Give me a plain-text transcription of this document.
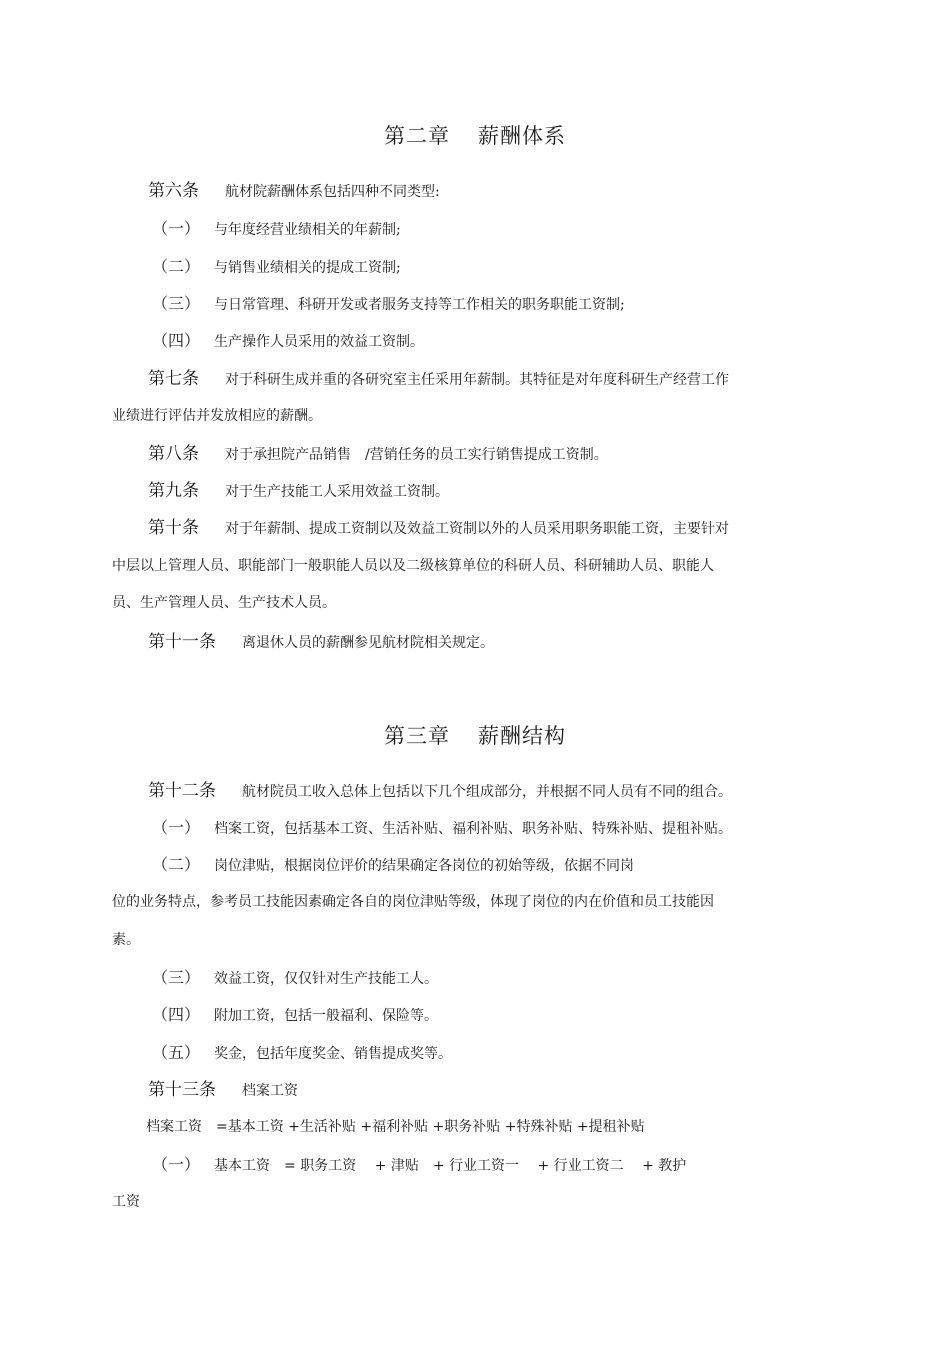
第二章 薪酬体系
第六条 航材院薪酬体系包括四种不同类型:
（一） 与年度经营业绩相关的年薪制;
（二） 与销售业绩相关的提成工资制;
（三） 与日常管理、科研开发或者服务支持等工作相关的职务职能工资制;
（四） 生产操作人员采用的效益工资制。
第七条 对于科研生成并重的各研究室主任采用年薪制。其特征是对年度科研生产经营工作
业绩进行评估并发放相应的薪酬。
第八条 对于承担院产品销售　/营销任务的员工实行销售提成工资制。
第九条 对于生产技能工人采用效益工资制。
第十条 对于年薪制、提成工资制以及效益工资制以外的人员采用职务职能工资，主要针对
中层以上管理人员、职能部门一般职能人员以及二级核算单位的科研人员、科研辅助人员、职能人
员、生产管理人员、生产技术人员。
第十一条 离退休人员的薪酬参见航材院相关规定。
第三章 薪酬结构
第十二条 航材院员工收入总体上包括以下几个组成部分，并根据不同人员有不同的组合。
（一） 档案工资，包括基本工资、生活补贴、福利补贴、职务补贴、特殊补贴、提租补贴。
（二） 岗位津贴，根据岗位评价的结果确定各岗位的初始等级，依据不同岗
位的业务特点，参考员工技能因素确定各自的岗位津贴等级，体现了岗位的内在价值和员工技能因
素。
（三） 效益工资，仅仅针对生产技能工人。
（四） 附加工资，包括一般福利、保险等。
（五） 奖金，包括年度奖金、销售提成奖等。
第十三条 档案工资
档案工资　=基本工资 +生活补贴 +福利补贴 +职务补贴 +特殊补贴 +提租补贴
（一） 基本工资　= 职务工资　 + 津贴　+ 行业工资一　 + 行业工资二　 + 教护
工资
